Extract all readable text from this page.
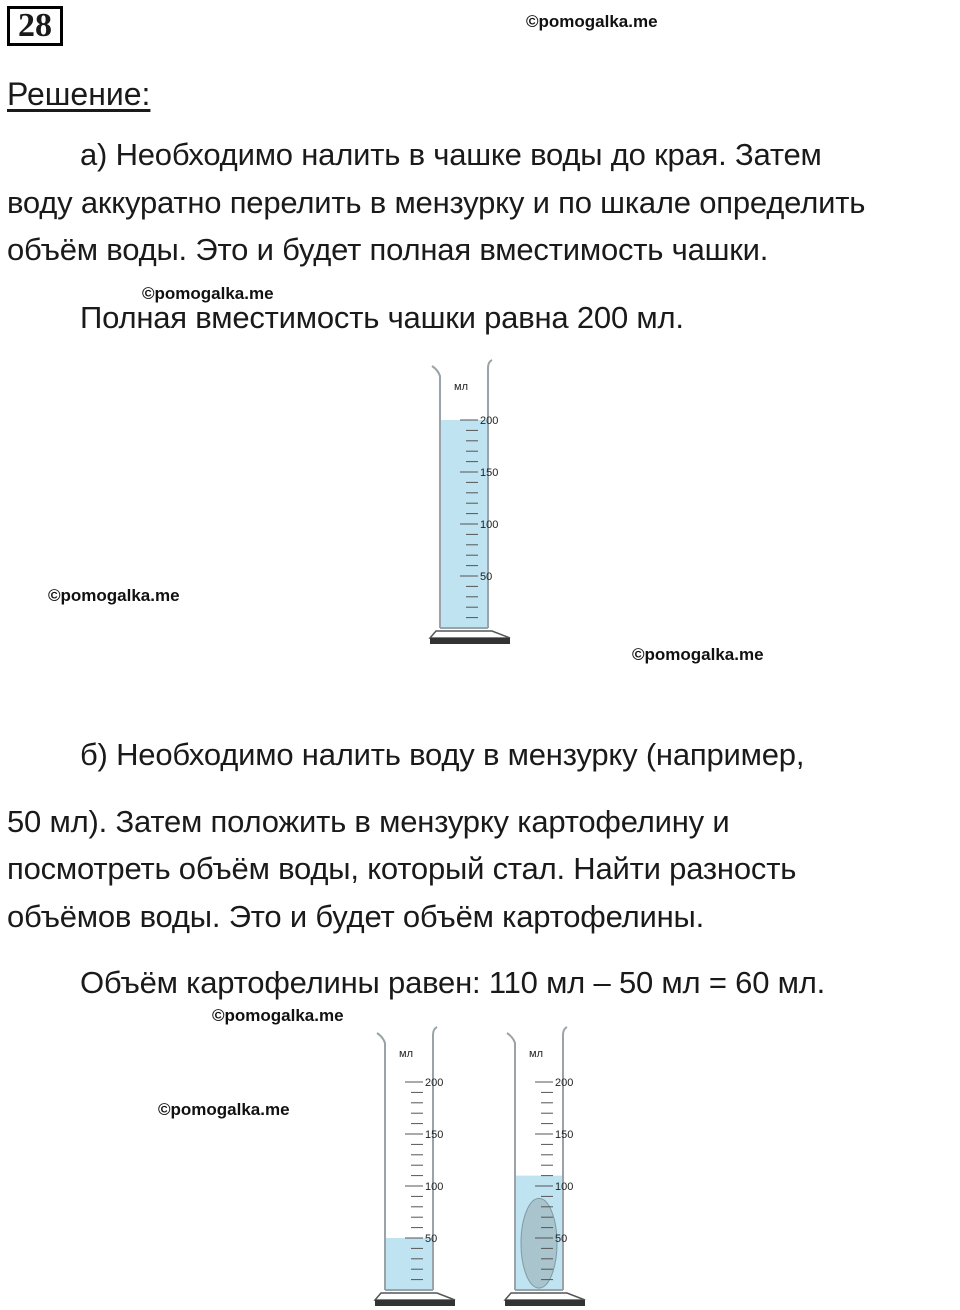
28	©pomogalka.me
Решение:
а) Необходимо налить в чашке воды до края. Затем
воду аккуратно перелить в мензурку и по шкале определить
объём воды. Это и будет полная вместимость чашки.
©pomogalka.me
Полная вместимость чашки равна 200 мл.
мл
200
150
100
50
©pomogalka.me
©pomogalka.me
б) Необходимо налить воду в мензурку (например,
50 мл). Затем положить в мензурку картофелину и
посмотреть объём воды, который стал. Найти разность
объёмов воды. Это и будет объём картофелины.
Объём картофелины равен: 110 мл – 50 мл = 60 мл.
©pomogalka.me
©pomogalka.me
мл
200
150
100
50
мл
200
150
100
50
